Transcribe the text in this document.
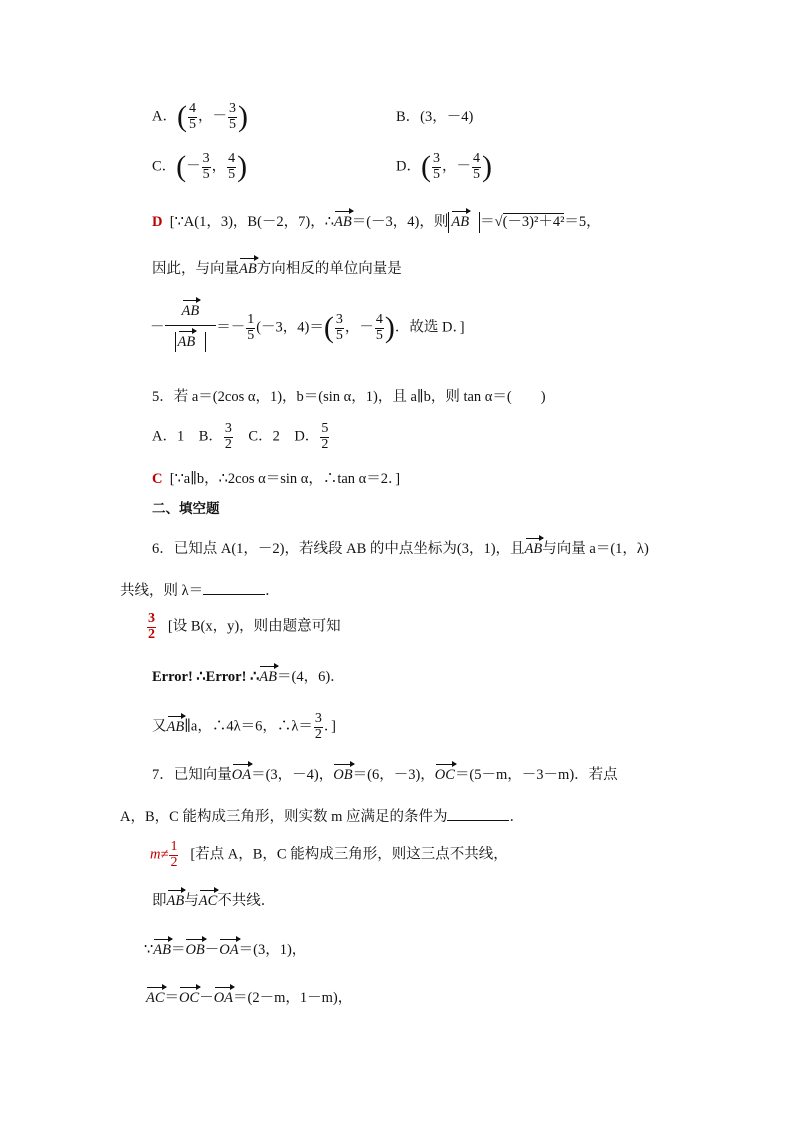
A．( $\frac{4}{5}$ ，－ $\frac{3}{5}$ )	B．(3，－4)
C．(－ $\frac{3}{5}$ ， $\frac{4}{5}$ )	D．( $\frac{3}{5}$ ，－ $\frac{4}{5}$ )
D [∵A(1，3)，B(－2，7)，∴AB＝(－3，4)，则 AB ＝√(－3)²＋4²＝5，
因此，与向量AB方向相反的单位向量是
－ $\frac{AB}{AB} =- \frac{1}{5} (-3$，$4)=( \frac{3}{5}$ ，－ $\frac{4}{5}$ )．故选 D．]
5．若 a＝(2cos α，1)，b＝(sin α，1)，且 a∥b，则 tan α＝(　　)
A．1　B． $\frac{3}{2}$ 　C．2　D． $\frac{5}{2}$
C [∵a∥b，∴2cos α＝sin α，∴tan α＝2．]
二、填空题
6．已知点 A(1，－2)，若线段 AB 的中点坐标为(3，1)，且AB与向量 a＝(1，λ)
共线，则 λ＝	．
$\frac{3}{2}$ [设 B(x，y)，则由题意可知
Error! ∴Error! ∴AB＝(4，6)．
又AB∥a，∴4λ＝6，∴λ＝ $\frac{3}{2}$ ．]
7．已知向量OA＝(3，－4)，OB＝(6，－3)，OC＝(5－m，－3－m)．若点
A，B，C 能构成三角形，则实数 m 应满足的条件为	．
$m\ne \frac{1}{2}$ [若点 A，B，C 能构成三角形，则这三点不共线，
即AB与AC不共线．
∵AB＝OB－OA＝(3，1)，
AC＝OC－OA＝(2－m，1－m)，
